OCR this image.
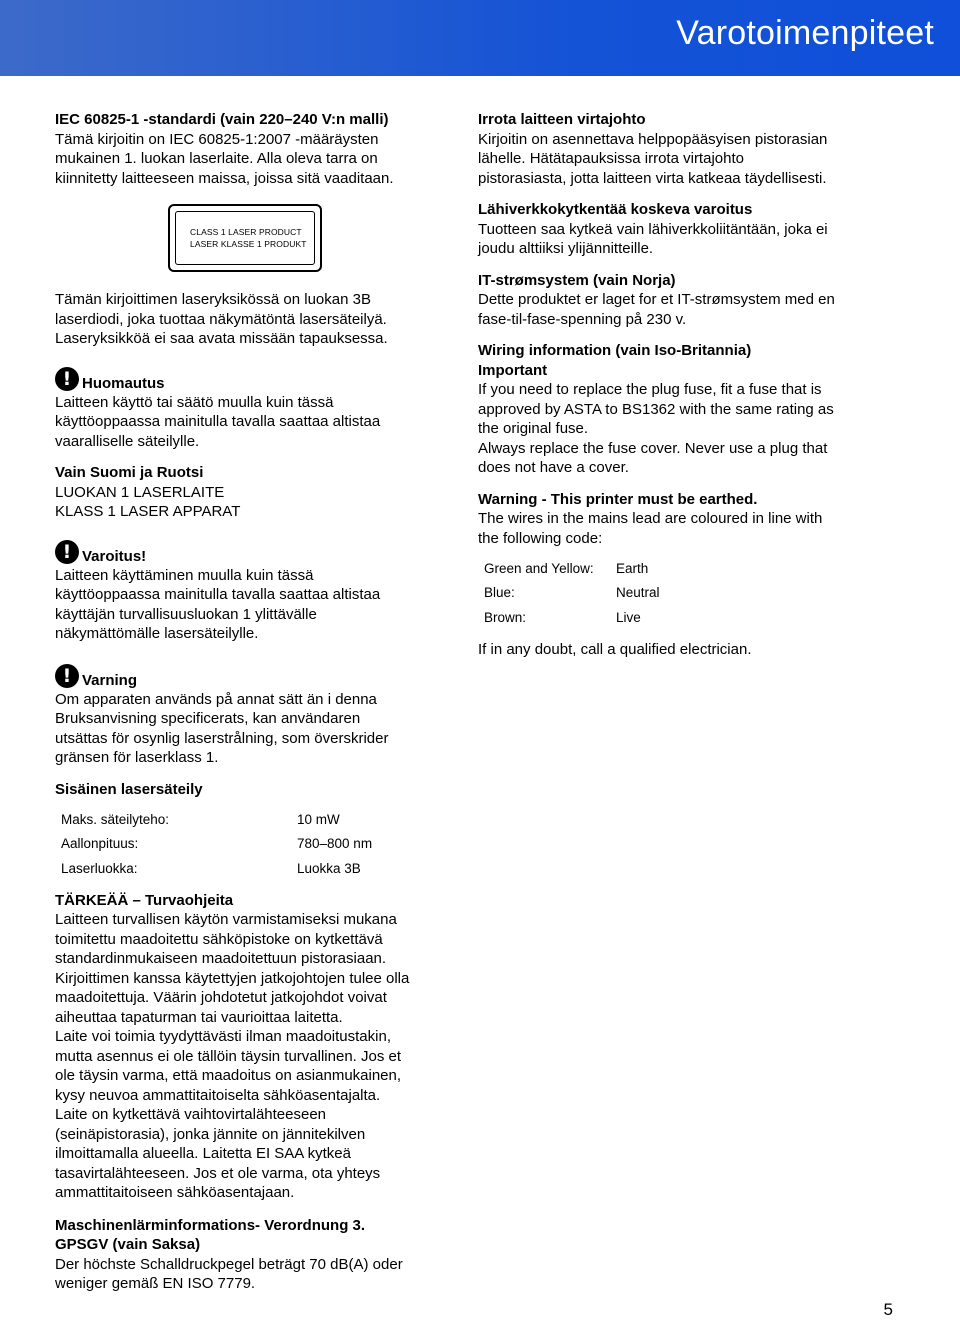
Varotoimenpiteet

IEC 60825-1 -standardi (vain 220–240 V:n malli)

Tämä kirjoitin on IEC 60825-1:2007 -määräysten

mukainen 1. luokan laserlaite. Alla oleva tarra on

kiinnitetty laitteeseen maissa, joissa sitä vaaditaan.

CLASS 1 LASER PRODUCT
LASER KLASSE 1 PRODUKT

Tämän kirjoittimen laseryksikössä on luokan 3B

laserdiodi, joka tuottaa näkymätöntä lasersäteilyä.

Laseryksikköä ei saa avata missään tapauksessa.

! Huomautus

Laitteen käyttö tai säätö muulla kuin tässä

käyttöoppaassa mainitulla tavalla saattaa altistaa

vaaralliselle säteilylle.

Vain Suomi ja Ruotsi

LUOKAN 1 LASERLAITE

KLASS 1 LASER APPARAT

! Varoitus!

Laitteen käyttäminen muulla kuin tässä

käyttöoppaassa mainitulla tavalla saattaa altistaa

käyttäjän turvallisuusluokan 1 ylittävälle

näkymättömälle lasersäteilylle.

! Varning

Om apparaten används på annat sätt än i denna

Bruksanvisning specificerats, kan användaren

utsättas för osynlig laserstrålning, som överskrider

gränsen för laserklass 1.

Sisäinen lasersäteily

Maks. säteilyteho:	10 mW
Aallonpituus:	780–800 nm
Laserluokka:	Luokka 3B

TÄRKEÄÄ – Turvaohjeita

Laitteen turvallisen käytön varmistamiseksi mukana

toimitettu maadoitettu sähköpistoke on kytkettävä

standardinmukaiseen maadoitettuun pistorasiaan.

Kirjoittimen kanssa käytettyjen jatkojohtojen tulee olla

maadoitettuja. Väärin johdotetut jatkojohdot voivat

aiheuttaa tapaturman tai vaurioittaa laitetta.

Laite voi toimia tyydyttävästi ilman maadoitustakin,

mutta asennus ei ole tällöin täysin turvallinen. Jos et

ole täysin varma, että maadoitus on asianmukainen,

kysy neuvoa ammattitaitoiselta sähköasentajalta.

Laite on kytkettävä vaihtovirtalähteeseen

(seinäpistorasia), jonka jännite on jännitekilven

ilmoittamalla alueella. Laitetta EI SAA kytkeä

tasavirtalähteeseen. Jos et ole varma, ota yhteys

ammattitaitoiseen sähköasentajaan.

Maschinenlärminformations- Verordnung 3.

GPSGV (vain Saksa)

Der höchste Schalldruckpegel beträgt 70 dB(A) oder

weniger gemäß EN ISO 7779.

Irrota laitteen virtajohto

Kirjoitin on asennettava helppopääsyisen pistorasian

lähelle. Hätätapauksissa irrota virtajohto

pistorasiasta, jotta laitteen virta katkeaa täydellisesti.

Lähiverkkokytkentää koskeva varoitus

Tuotteen saa kytkeä vain lähiverkkoliitäntään, joka ei

joudu alttiiksi ylijännitteille.

IT-strømsystem (vain Norja)

Dette produktet er laget for et IT-strømsystem med en

fase-til-fase-spenning på 230 v.

Wiring information (vain Iso-Britannia)

Important

If you need to replace the plug fuse, fit a fuse that is

approved by ASTA to BS1362 with the same rating as

the original fuse.

Always replace the fuse cover. Never use a plug that

does not have a cover.

Warning - This printer must be earthed.

The wires in the mains lead are coloured in line with

the following code:

Green and Yellow:	Earth
Blue:	Neutral
Brown:	Live

If in any doubt, call a qualified electrician.

5
